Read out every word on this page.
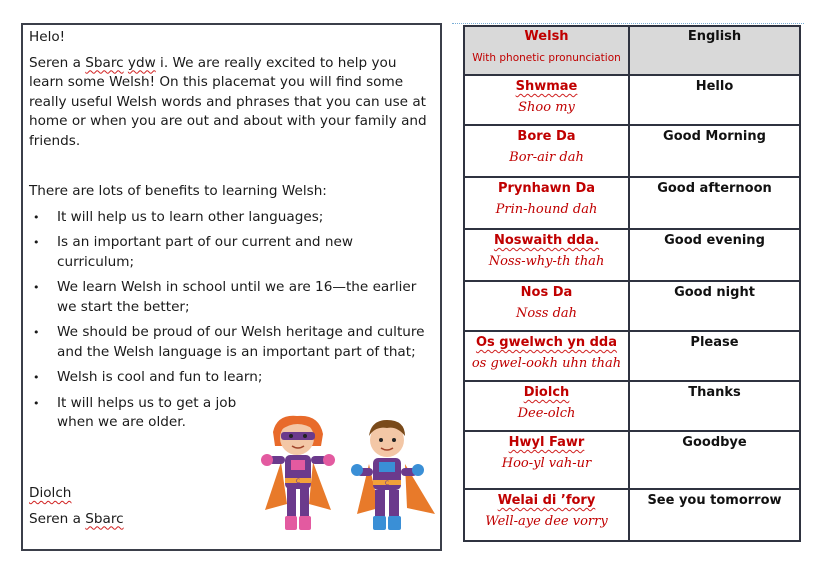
Helo!

Seren a Sbarc ydw i. We are really excited to help you learn some Welsh! On this placemat you will find some really useful Welsh words and phrases that you can use at home or when you are out and about with your family and friends.

There are lots of benefits to learning Welsh:

• It will help us to learn other languages;
• Is an important part of our current and new curriculum;
• We learn Welsh in school until we are 16—the earlier we start the better;
• We should be proud of our Welsh heritage and culture and the Welsh language is an important part of that;
• Welsh is cool and fun to learn;
• It will helps us to get a job when we are older.

Diolch

Seren a Sbarc

C	C
Welsh
With phonetic pronunciation	English

Shwmae
Shoo my	Hello

Bore Da
Bor-air dah	Good Morning

Prynhawn Da
Prin-hound dah	Good afternoon

Noswaith dda.
Noss-why-th thah	Good evening

Nos Da
Noss dah	Good night

Os gwelwch yn dda
os gwel-ookh uhn thah	Please

Diolch
Dee-olch	Thanks

Hwyl Fawr
Hoo-yl vah-ur	Goodbye

Welai di ’fory
Well-aye dee vorry	See you tomorrow
